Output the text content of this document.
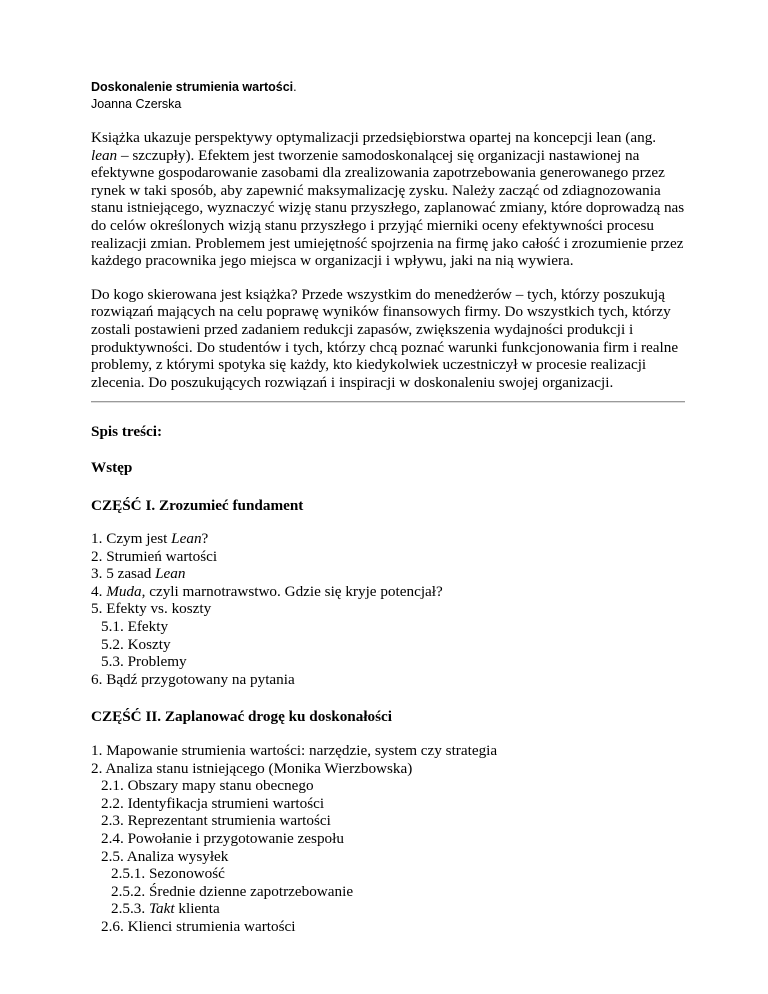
Doskonalenie strumienia wartości.
Joanna Czerska

Książka ukazuje perspektywy optymalizacji przedsiębiorstwa opartej na koncepcji lean (ang. lean – szczupły). Efektem jest tworzenie samodoskonalącej się organizacji nastawionej na efektywne gospodarowanie zasobami dla zrealizowania zapotrzebowania generowanego przez rynek w taki sposób, aby zapewnić maksymalizację zysku. Należy zacząć od zdiagnozowania stanu istniejącego, wyznaczyć wizję stanu przyszłego, zaplanować zmiany, które doprowadzą nas do celów określonych wizją stanu przyszłego i przyjąć mierniki oceny efektywności procesu realizacji zmian. Problemem jest umiejętność spojrzenia na firmę jako całość i zrozumienie przez każdego pracownika jego miejsca w organizacji i wpływu, jaki na nią wywiera.

Do kogo skierowana jest książka? Przede wszystkim do menedżerów – tych, którzy poszukują rozwiązań mających na celu poprawę wyników finansowych firmy. Do wszystkich tych, którzy zostali postawieni przed zadaniem redukcji zapasów, zwiększenia wydajności produkcji i produktywności. Do studentów i tych, którzy chcą poznać warunki funkcjonowania firm i realne problemy, z którymi spotyka się każdy, kto kiedykolwiek uczestniczył w procesie realizacji zlecenia. Do poszukujących rozwiązań i inspiracji w doskonaleniu swojej organizacji.

Spis treści:

Wstęp

CZĘŚĆ I. Zrozumieć fundament

1. Czym jest Lean?
2. Strumień wartości
3. 5 zasad Lean
4. Muda, czyli marnotrawstwo. Gdzie się kryje potencjał?
5. Efekty vs. koszty
5.1. Efekty
5.2. Koszty
5.3. Problemy
6. Bądź przygotowany na pytania

CZĘŚĆ II. Zaplanować drogę ku doskonałości

1. Mapowanie strumienia wartości: narzędzie, system czy strategia
2. Analiza stanu istniejącego (Monika Wierzbowska)
2.1. Obszary mapy stanu obecnego
2.2. Identyfikacja strumieni wartości
2.3. Reprezentant strumienia wartości
2.4. Powołanie i przygotowanie zespołu
2.5. Analiza wysyłek
2.5.1. Sezonowość
2.5.2. Średnie dzienne zapotrzebowanie
2.5.3. Takt klienta
2.6. Klienci strumienia wartości
